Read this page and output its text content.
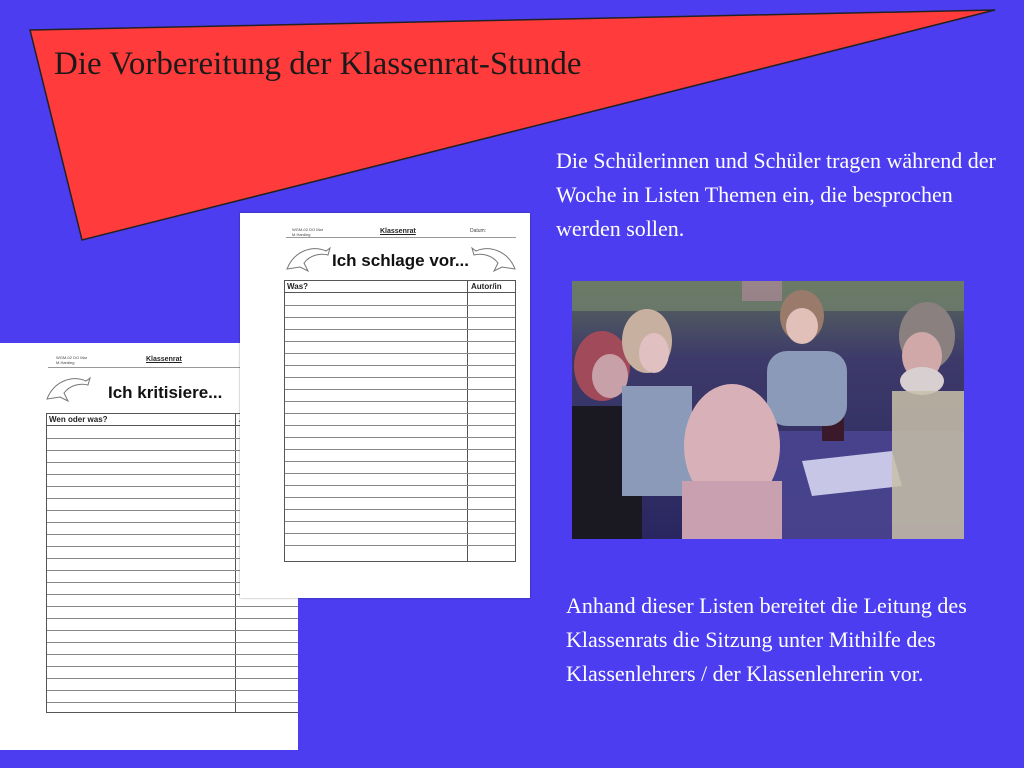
Die Vorbereitung der Klassenrat-Stunde

Die Schülerinnen und Schüler tragen während der Woche in Listen Themen ein, die besprochen werden sollen.

Anhand dieser Listen bereitet die Leitung des Klassenrats die Sitzung unter Mithilfe des Klassenlehrers / der Klassenlehrerin vor.

WGM-02 DO Mar
M.Harding	Klassenrat
Ich kritisiere...
Wen oder was?
WGM-02 DO Mar
M.Harding	Klassenrat	Datum:
Ich schlage vor...
Was?	Autor/in
